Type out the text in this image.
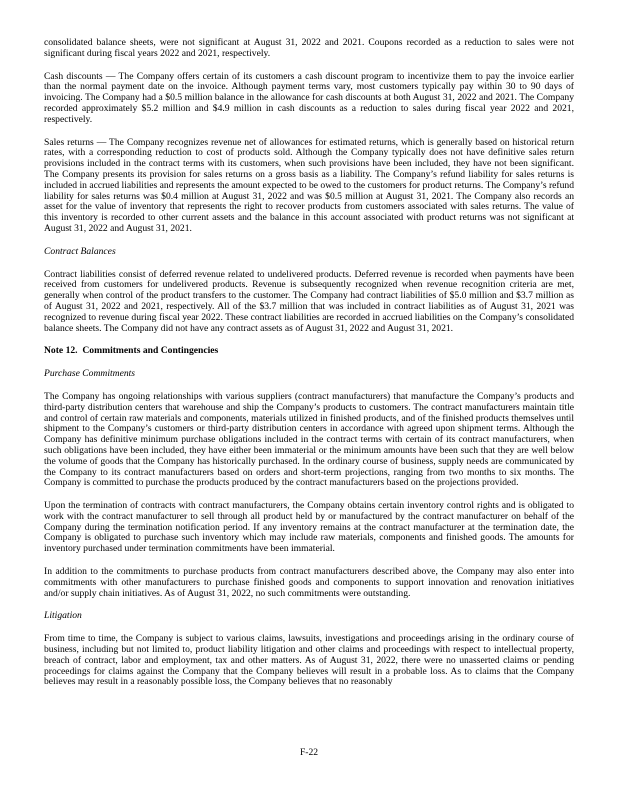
consolidated balance sheets, were not significant at August 31, 2022 and 2021. Coupons recorded as a reduction to sales were not significant during fiscal years 2022 and 2021, respectively.

Cash discounts — The Company offers certain of its customers a cash discount program to incentivize them to pay the invoice earlier than the normal payment date on the invoice. Although payment terms vary, most customers typically pay within 30 to 90 days of invoicing. The Company had a $0.5 million balance in the allowance for cash discounts at both August 31, 2022 and 2021. The Company recorded approximately $5.2 million and $4.9 million in cash discounts as a reduction to sales during fiscal year 2022 and 2021, respectively.

Sales returns — The Company recognizes revenue net of allowances for estimated returns, which is generally based on historical return rates, with a corresponding reduction to cost of products sold. Although the Company typically does not have definitive sales return provisions included in the contract terms with its customers, when such provisions have been included, they have not been significant. The Company presents its provision for sales returns on a gross basis as a liability. The Company’s refund liability for sales returns is included in accrued liabilities and represents the amount expected to be owed to the customers for product returns. The Company’s refund liability for sales returns was $0.4 million at August 31, 2022 and was $0.5 million at August 31, 2021. The Company also records an asset for the value of inventory that represents the right to recover products from customers associated with sales returns. The value of this inventory is recorded to other current assets and the balance in this account associated with product returns was not significant at August 31, 2022 and August 31, 2021.

Contract Balances

Contract liabilities consist of deferred revenue related to undelivered products. Deferred revenue is recorded when payments have been received from customers for undelivered products. Revenue is subsequently recognized when revenue recognition criteria are met, generally when control of the product transfers to the customer. The Company had contract liabilities of $5.0 million and $3.7 million as of August 31, 2022 and 2021, respectively. All of the $3.7 million that was included in contract liabilities as of August 31, 2021 was recognized to revenue during fiscal year 2022. These contract liabilities are recorded in accrued liabilities on the Company’s consolidated balance sheets. The Company did not have any contract assets as of August 31, 2022 and August 31, 2021.

Note 12.  Commitments and Contingencies

Purchase Commitments

The Company has ongoing relationships with various suppliers (contract manufacturers) that manufacture the Company’s products and third-party distribution centers that warehouse and ship the Company’s products to customers. The contract manufacturers maintain title and control of certain raw materials and components, materials utilized in finished products, and of the finished products themselves until shipment to the Company’s customers or third-party distribution centers in accordance with agreed upon shipment terms. Although the Company has definitive minimum purchase obligations included in the contract terms with certain of its contract manufacturers, when such obligations have been included, they have either been immaterial or the minimum amounts have been such that they are well below the volume of goods that the Company has historically purchased. In the ordinary course of business, supply needs are communicated by the Company to its contract manufacturers based on orders and short-term projections, ranging from two months to six months. The Company is committed to purchase the products produced by the contract manufacturers based on the projections provided.

Upon the termination of contracts with contract manufacturers, the Company obtains certain inventory control rights and is obligated to work with the contract manufacturer to sell through all product held by or manufactured by the contract manufacturer on behalf of the Company during the termination notification period. If any inventory remains at the contract manufacturer at the termination date, the Company is obligated to purchase such inventory which may include raw materials, components and finished goods. The amounts for inventory purchased under termination commitments have been immaterial.

In addition to the commitments to purchase products from contract manufacturers described above, the Company may also enter into commitments with other manufacturers to purchase finished goods and components to support innovation and renovation initiatives and/or supply chain initiatives. As of August 31, 2022, no such commitments were outstanding.

Litigation

From time to time, the Company is subject to various claims, lawsuits, investigations and proceedings arising in the ordinary course of business, including but not limited to, product liability litigation and other claims and proceedings with respect to intellectual property, breach of contract, labor and employment, tax and other matters. As of August 31, 2022, there were no unasserted claims or pending proceedings for claims against the Company that the Company believes will result in a probable loss. As to claims that the Company believes may result in a reasonably possible loss, the Company believes that no reasonably

F-22
